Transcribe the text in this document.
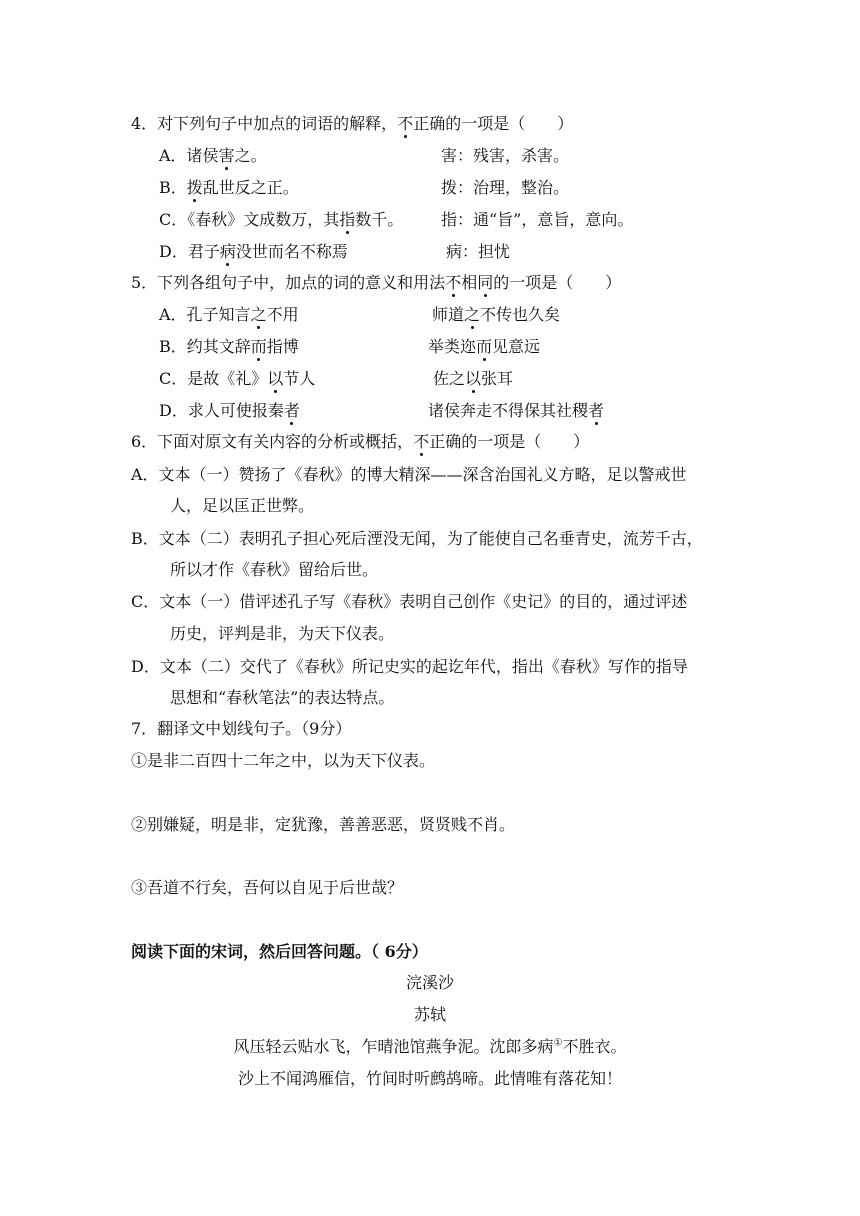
4．对下列句子中加点的词语的解释，不正确的一项是（　　）
A．诸侯害之。	害：残害，杀害。
B．拨乱世反之正。	拨：治理，整治。
C．《春秋》文成数万，其指数千。 指：通“旨”，意旨，意向。
D．君子病没世而名不称焉	病：担忧
5．下列各组句子中，加点的词的意义和用法不相同的一项是（　　）
A．孔子知言之不用	师道之不传也久矣
B．约其文辞而指博	举类迩而见意远
C．是故《礼》以节人	佐之以张耳
D．求人可使报秦者	诸侯奔走不得保其社稷者
6．下面对原文有关内容的分析或概括，不正确的一项是（　　）
A．文本（一）赞扬了《春秋》的博大精深——深含治国礼义方略，足以警戒世
人，足以匡正世弊。
B．文本（二）表明孔子担心死后湮没无闻，为了能使自己名垂青史，流芳千古，
所以才作《春秋》留给后世。
C．文本（一）借评述孔子写《春秋》表明自己创作《史记》的目的，通过评述
历史，评判是非，为天下仪表。
D．文本（二）交代了《春秋》所记史实的起讫年代，指出《春秋》写作的指导
思想和“春秋笔法”的表达特点。
7．翻译文中划线句子。（9分）
①是非二百四十二年之中，以为天下仪表。
②别嫌疑，明是非，定犹豫，善善恶恶，贤贤贱不肖。
③吾道不行矣，吾何以自见于后世哉？
阅读下面的宋词，然后回答问题。（ 6分）
浣溪沙
苏轼
风压轻云贴水飞，乍晴池馆燕争泥。沈郎多病①不胜衣。
沙上不闻鸿雁信，竹间时听鹧鸪啼。此情唯有落花知！
